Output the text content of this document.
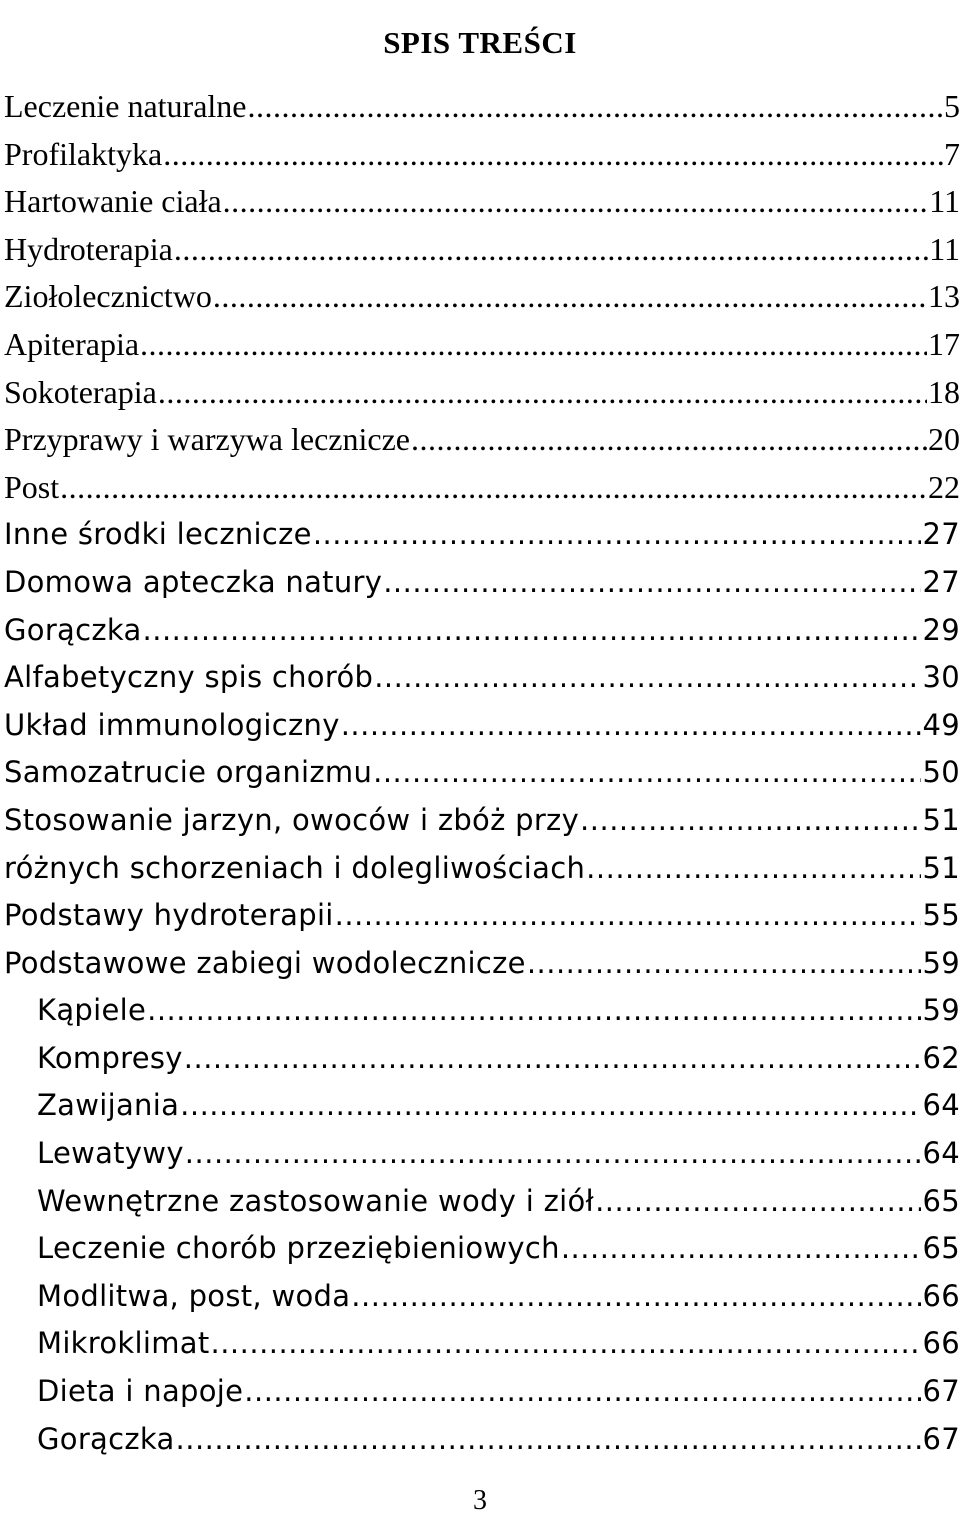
SPIS TREŚCI
Leczenie naturalne .....	5
Profilaktyka .....	7
Hartowanie ciała .....	11
Hydroterapia .....	11
Ziołolecznictwo .....	13
Apiterapia .....	17
Sokoterapia .....	18
Przyprawy i warzywa lecznicze .....	20
Post .....	22
Inne środki lecznicze .....	27
Domowa apteczka natury .....	27
Gorączka .....	29
Alfabetyczny spis chorób .....	30
Układ immunologiczny .....	49
Samozatrucie organizmu .....	50
Stosowanie jarzyn, owoców i zbóż przy .....	51
różnych schorzeniach i dolegliwościach .....	51
Podstawy hydroterapii .....	55
Podstawowe zabiegi wodolecznicze .....	59
Kąpiele .....	59
Kompresy .....	62
Zawijania .....	64
Lewatywy .....	64
Wewnętrzne zastosowanie wody i ziół .....	65
Leczenie chorób przeziębieniowych .....	65
Modlitwa, post, woda .....	66
Mikroklimat .....	66
Dieta i napoje .....	67
Gorączka .....	67
3
